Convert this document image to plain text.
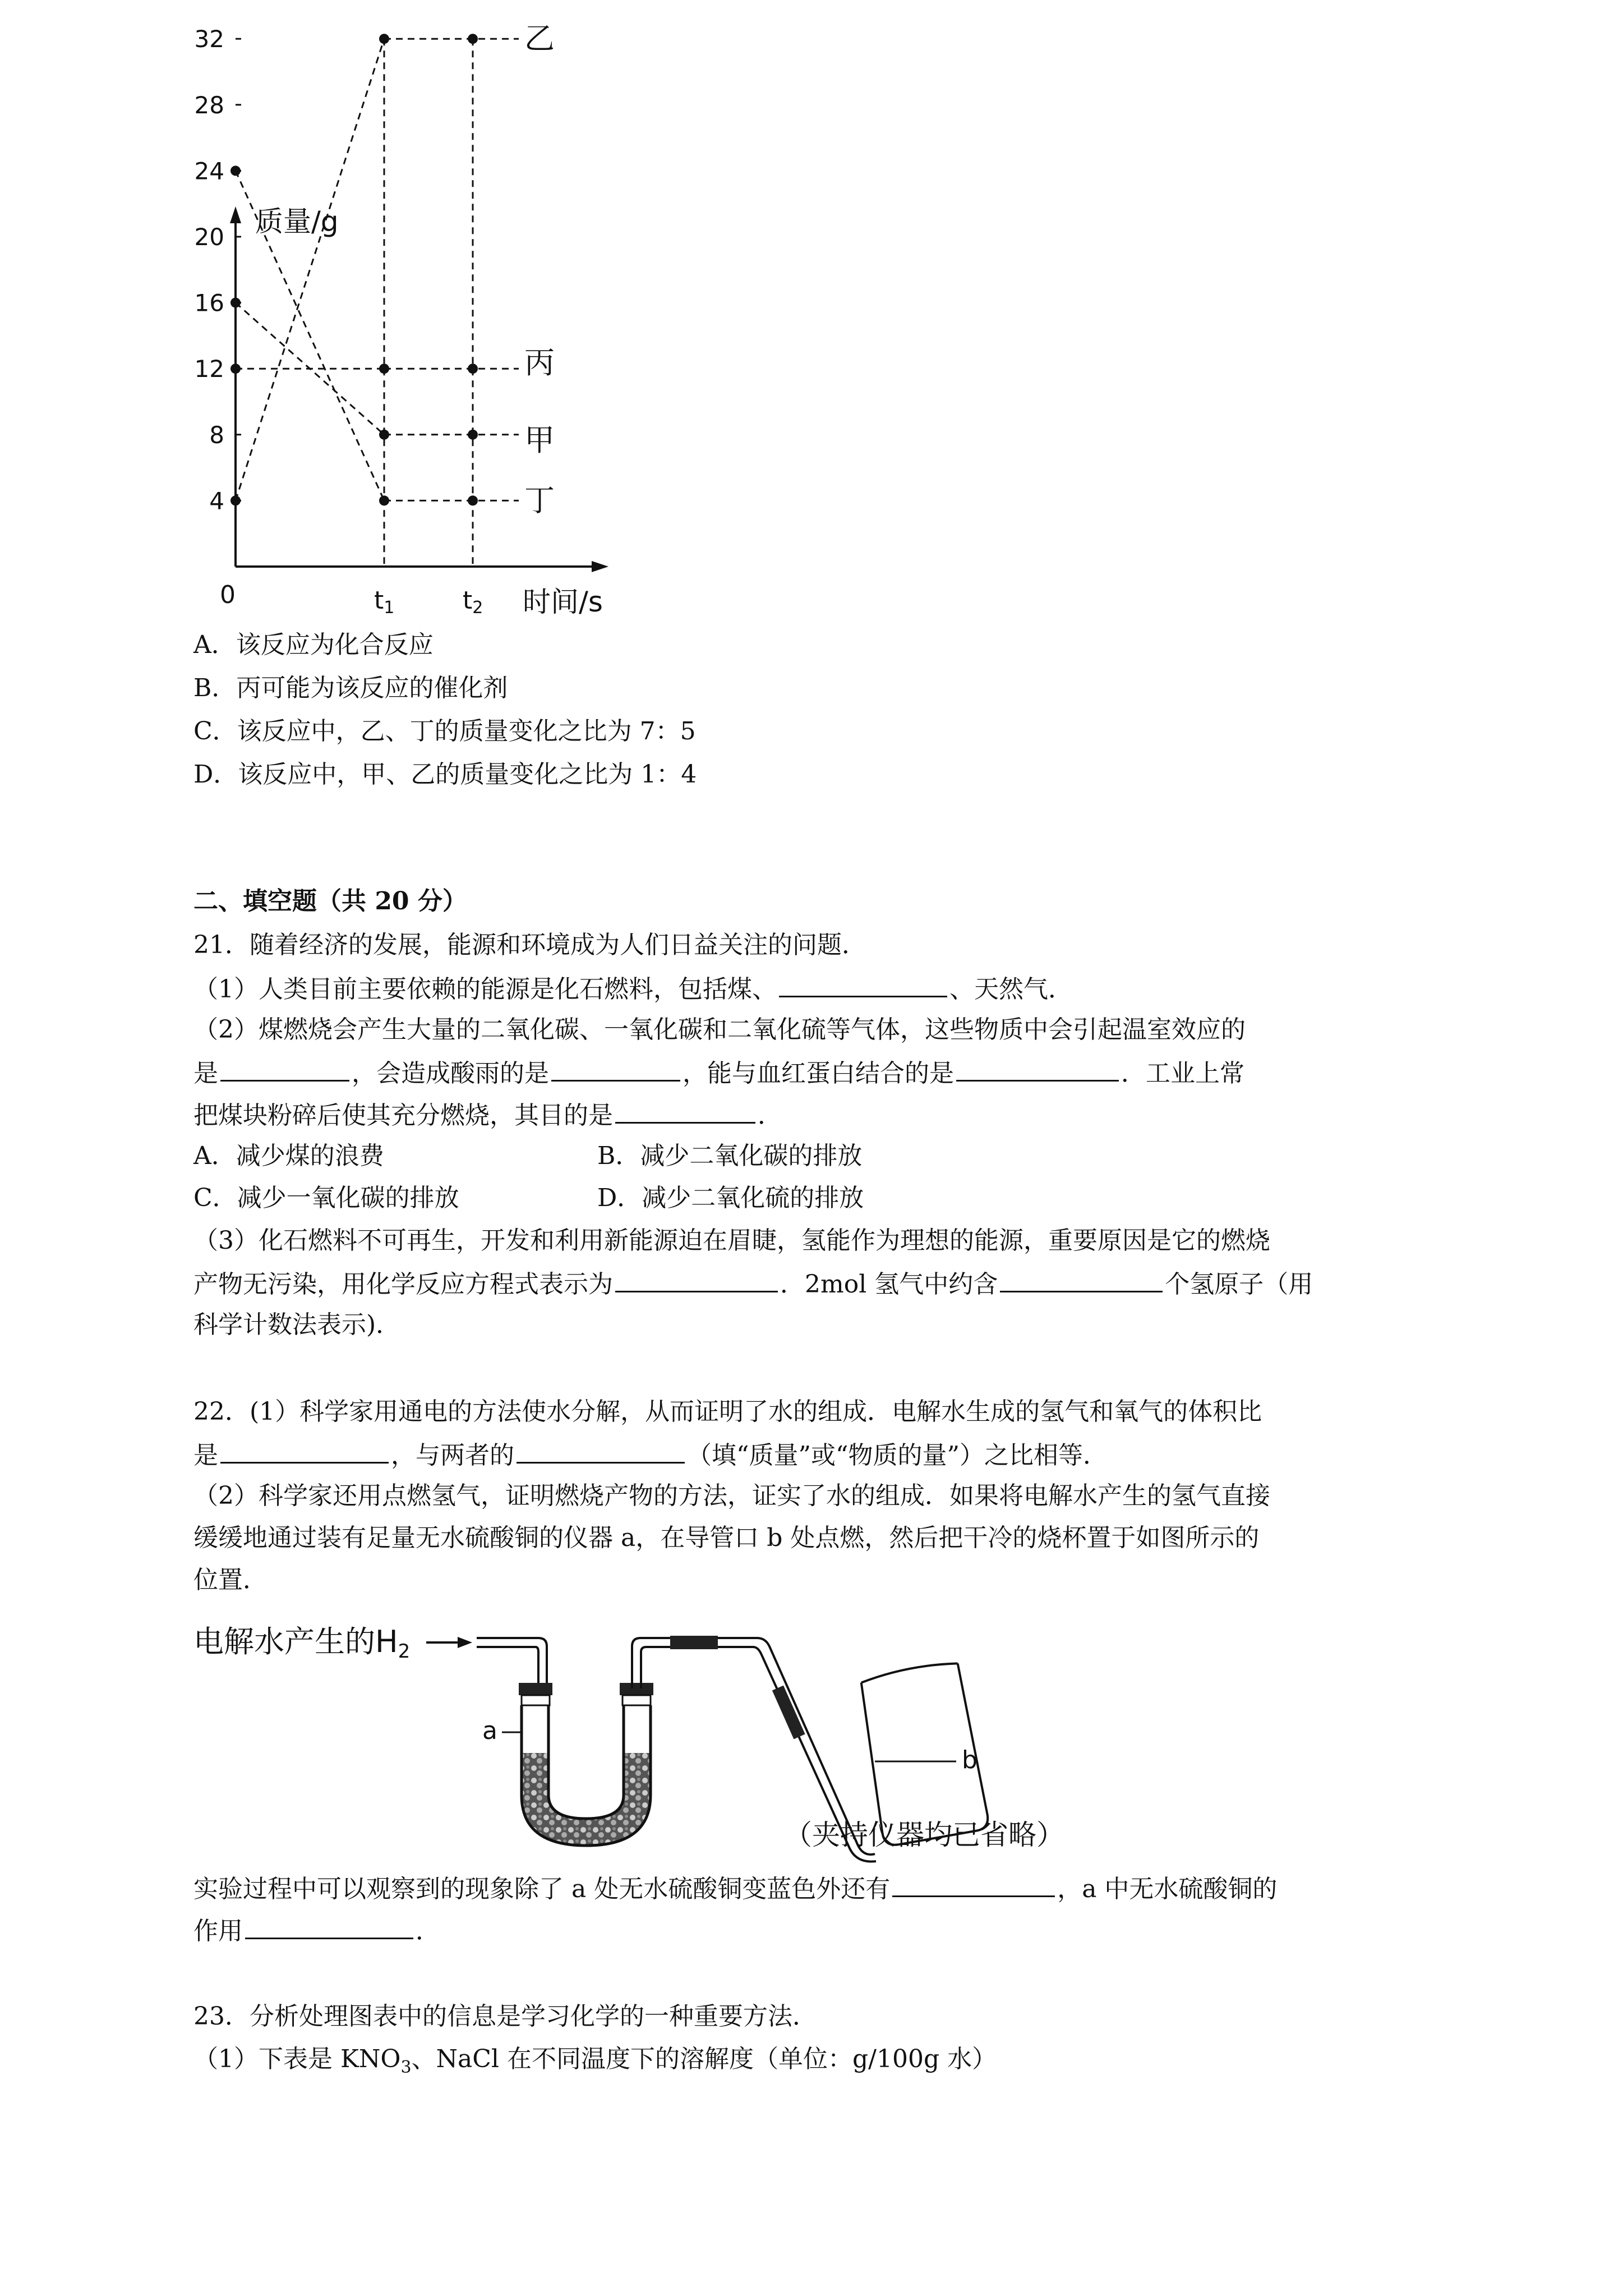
质量/g
时间/s
0
4
8
12
16
20
24
28
32
t1	t2
乙
丙
甲
丁
A．该反应为化合反应
B．丙可能为该反应的催化剂
C．该反应中，乙、丁的质量变化之比为 7：5
D．该反应中，甲、乙的质量变化之比为 1：4
二、填空题（共 20 分）
21．随着经济的发展，能源和环境成为人们日益关注的问题．
（1）人类目前主要依赖的能源是化石燃料，包括煤、	、天然气．
（2）煤燃烧会产生大量的二氧化碳、一氧化碳和二氧化硫等气体，这些物质中会引起温室效应的
是	，会造成酸雨的是	，能与血红蛋白结合的是	．工业上常
把煤块粉碎后使其充分燃烧，其目的是	．
A．减少煤的浪费	B．减少二氧化碳的排放
C．减少一氧化碳的排放	D．减少二氧化硫的排放
（3）化石燃料不可再生，开发和利用新能源迫在眉睫，氢能作为理想的能源，重要原因是它的燃烧
产物无污染，用化学反应方程式表示为	．2mol 氢气中约含	个氢原子（用
科学计数法表示)．
22．(1）科学家用通电的方法使水分解，从而证明了水的组成．电解水生成的氢气和氧气的体积比
是	，与两者的	（填“质量”或“物质的量”）之比相等．
（2）科学家还用点燃氢气，证明燃烧产物的方法，证实了水的组成．如果将电解水产生的氢气直接
缓缓地通过装有足量无水硫酸铜的仪器 a，在导管口 b 处点燃，然后把干冷的烧杯置于如图所示的
位置．
电解水产生的H2
a
b
（夹持仪器均已省略）
实验过程中可以观察到的现象除了 a 处无水硫酸铜变蓝色外还有	，a 中无水硫酸铜的
作用	．
23．分析处理图表中的信息是学习化学的一种重要方法．
（1）下表是 $KNO_3$、NaCl 在不同温度下的溶解度（单位：g/100g 水）
